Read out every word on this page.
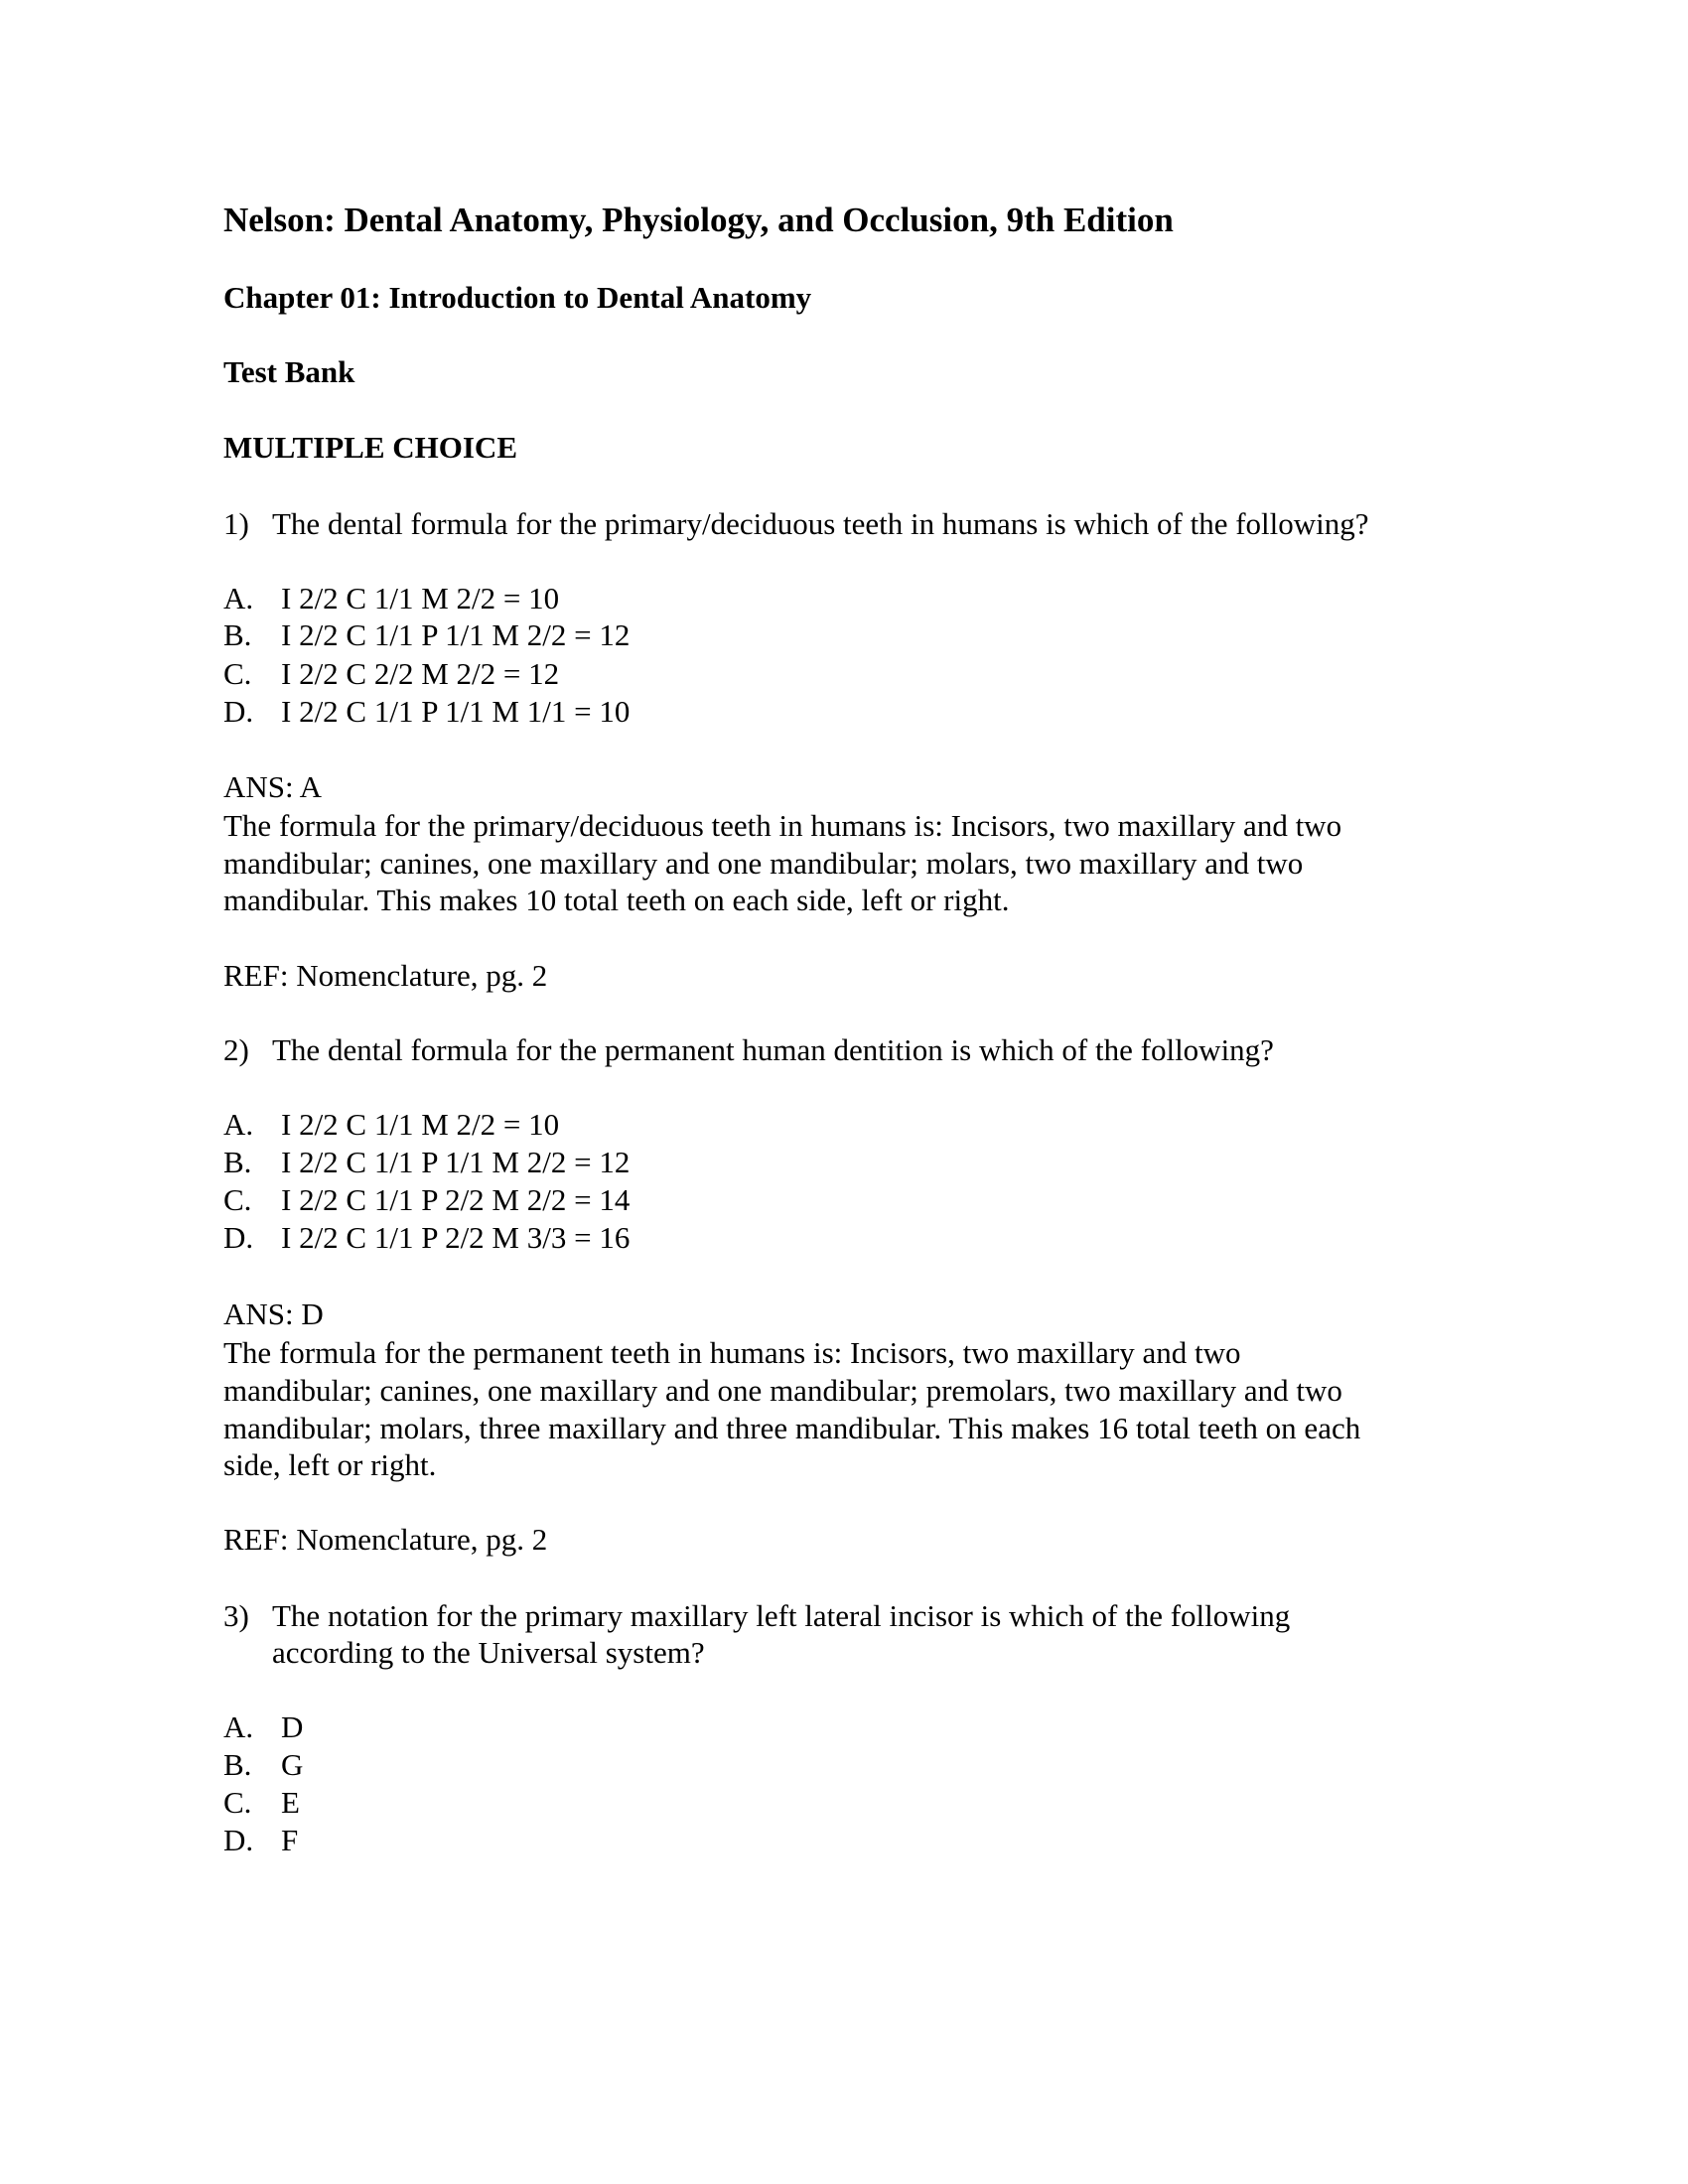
Nelson: Dental Anatomy, Physiology, and Occlusion, 9th Edition
Chapter 01: Introduction to Dental Anatomy
Test Bank
MULTIPLE CHOICE
1) The dental formula for the primary/deciduous teeth in humans is which of the following?
A. I 2/2 C 1/1 M 2/2 = 10
B. I 2/2 C 1/1 P 1/1 M 2/2 = 12
C. I 2/2 C 2/2 M 2/2 = 12
D. I 2/2 C 1/1 P 1/1 M 1/1 = 10
ANS: A
The formula for the primary/deciduous teeth in humans is: Incisors, two maxillary and two
mandibular; canines, one maxillary and one mandibular; molars, two maxillary and two
mandibular. This makes 10 total teeth on each side, left or right.
REF: Nomenclature, pg. 2
2) The dental formula for the permanent human dentition is which of the following?
A. I 2/2 C 1/1 M 2/2 = 10
B. I 2/2 C 1/1 P 1/1 M 2/2 = 12
C. I 2/2 C 1/1 P 2/2 M 2/2 = 14
D. I 2/2 C 1/1 P 2/2 M 3/3 = 16
ANS: D
The formula for the permanent teeth in humans is: Incisors, two maxillary and two
mandibular; canines, one maxillary and one mandibular; premolars, two maxillary and two
mandibular; molars, three maxillary and three mandibular. This makes 16 total teeth on each
side, left or right.
REF: Nomenclature, pg. 2
3) The notation for the primary maxillary left lateral incisor is which of the following
according to the Universal system?
A. D
B. G
C. E
D. F
